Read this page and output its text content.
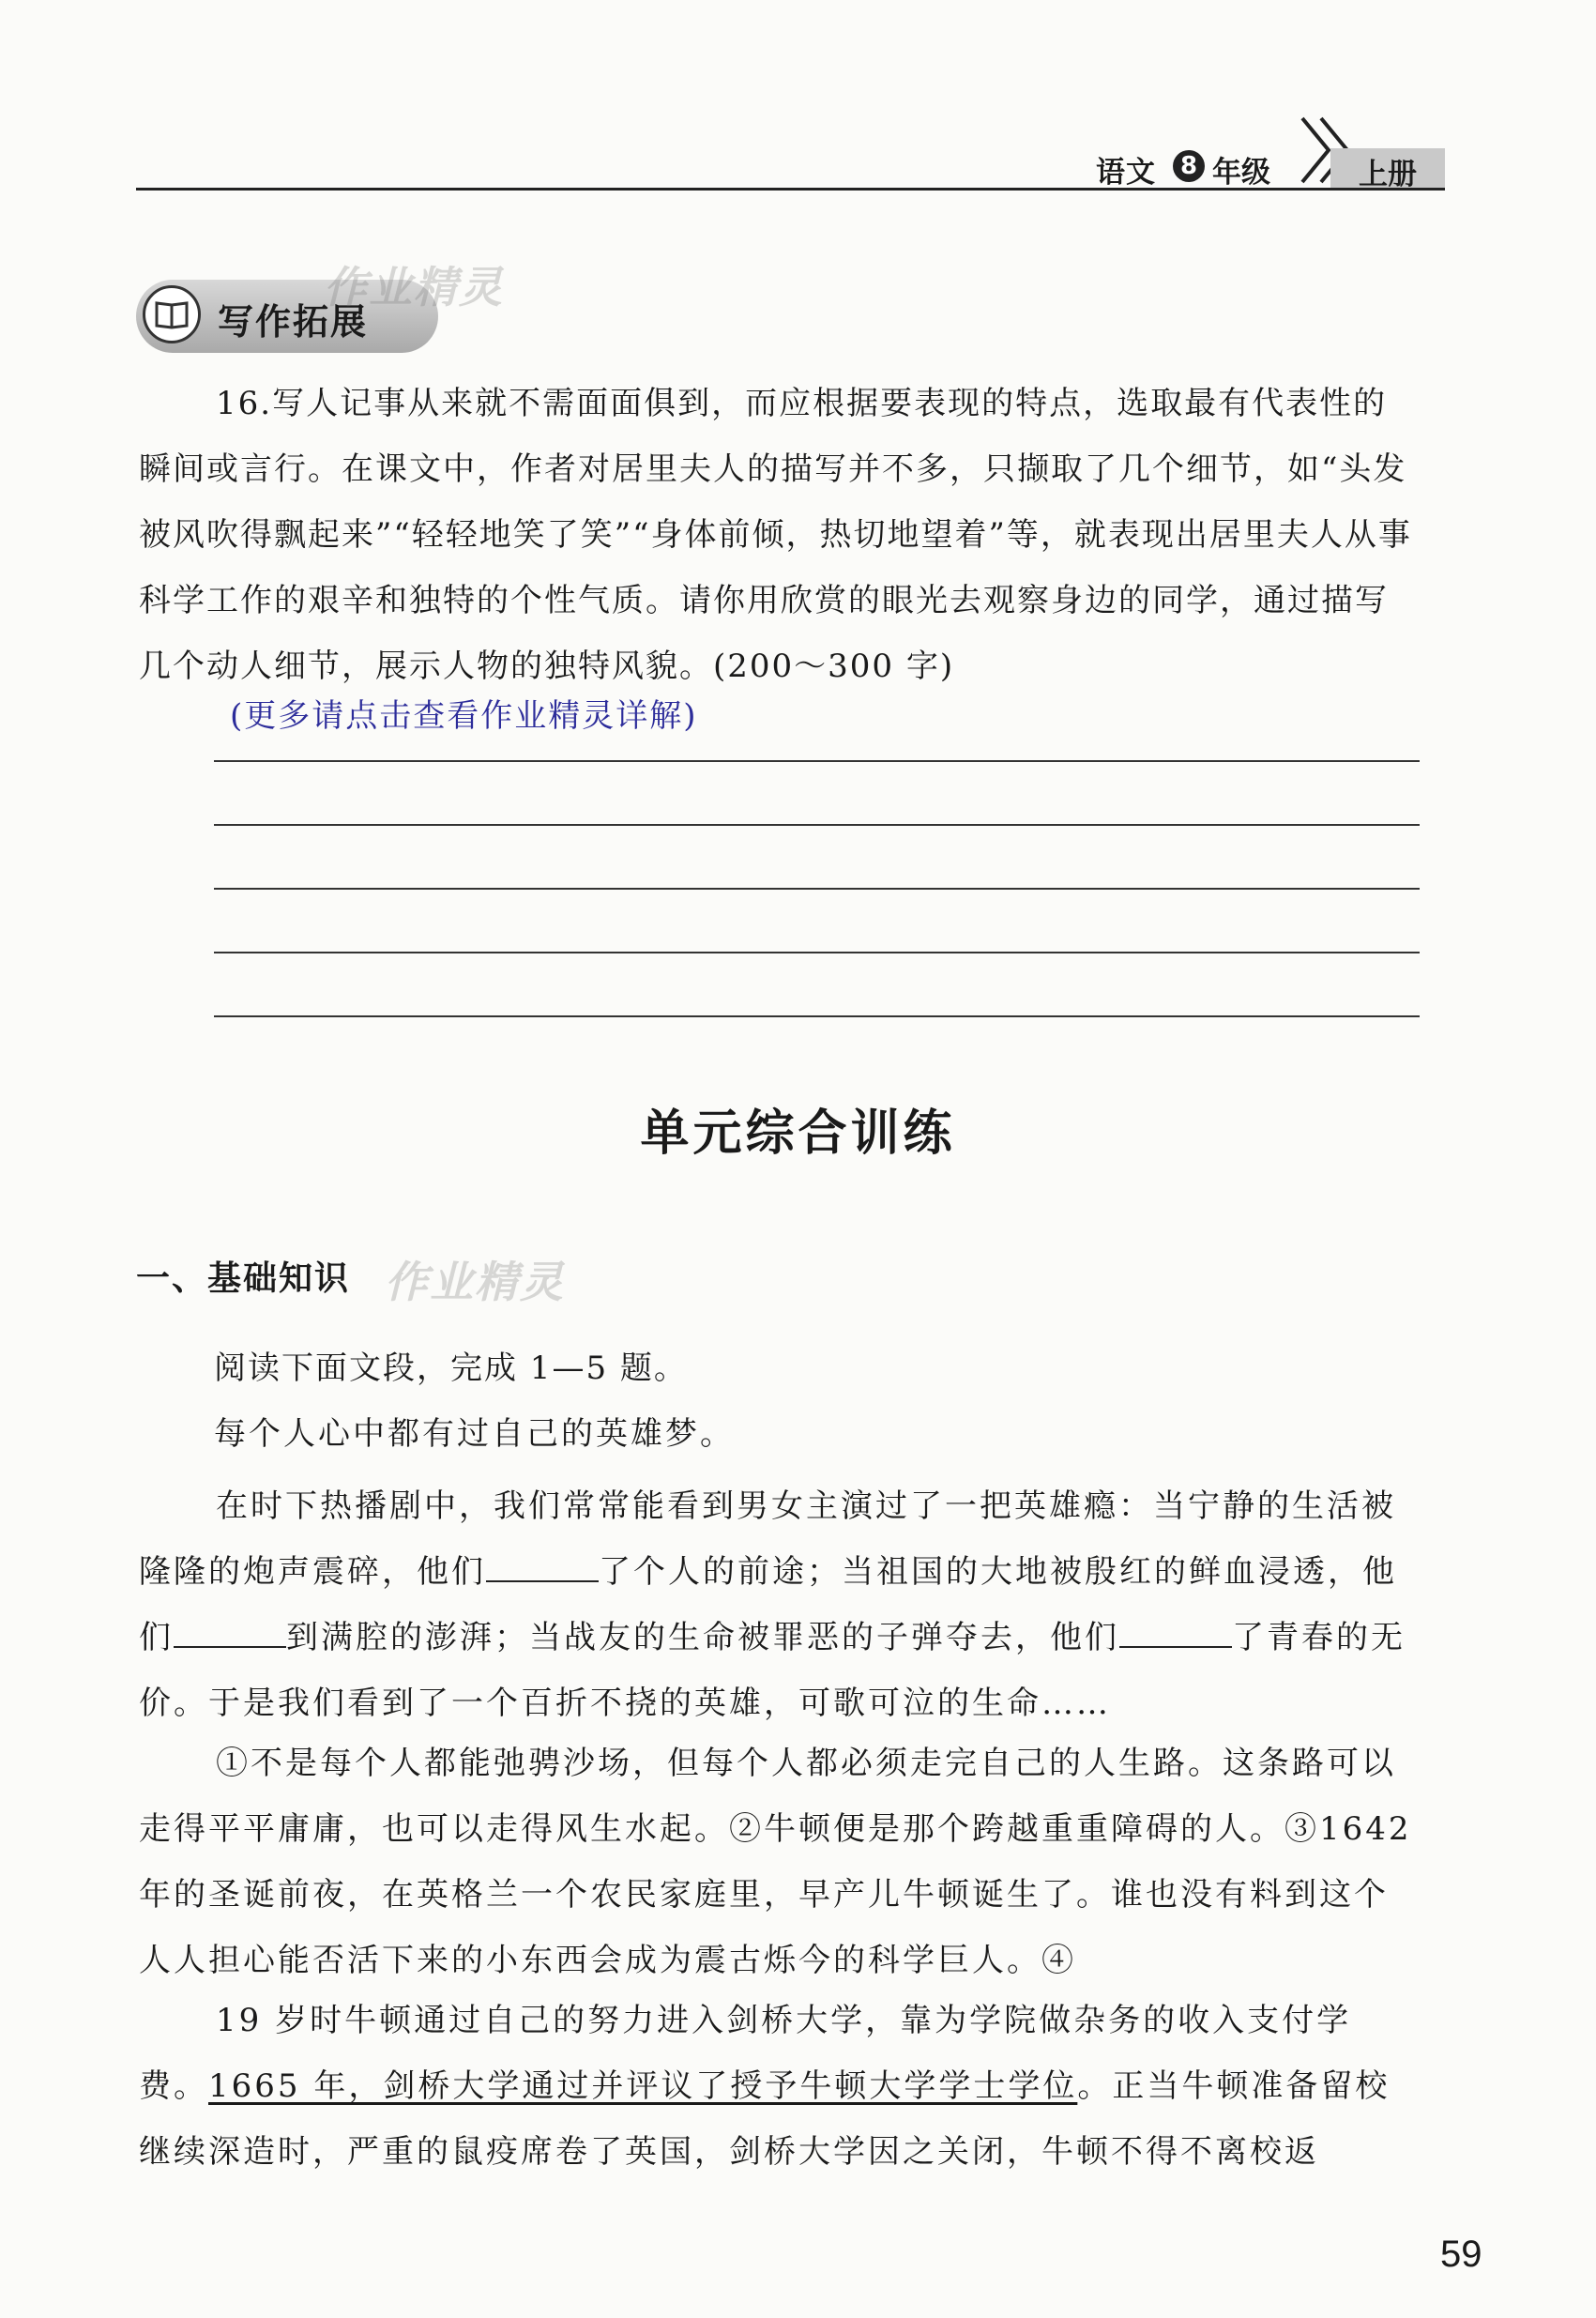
语文 8 年级	上册
写作拓展
作业精灵
16.写人记事从来就不需面面俱到，而应根据要表现的特点，选取最有代表性的瞬间或言行。在课文中，作者对居里夫人的描写并不多，只撷取了几个细节，如“头发被风吹得飘起来”“轻轻地笑了笑”“身体前倾，热切地望着”等，就表现出居里夫人从事科学工作的艰辛和独特的个性气质。请你用欣赏的眼光去观察身边的同学，通过描写几个动人细节，展示人物的独特风貌。(200～300 字)
(更多请点击查看作业精灵详解)
单元综合训练
一、基础知识 作业精灵
阅读下面文段，完成 1—5 题。
每个人心中都有过自己的英雄梦。
在时下热播剧中，我们常常能看到男女主演过了一把英雄瘾：当宁静的生活被隆隆的炮声震碎，他们	了个人的前途；当祖国的大地被殷红的鲜血浸透，他们	到满腔的澎湃；当战友的生命被罪恶的子弹夺去，他们	了青春的无价。于是我们看到了一个百折不挠的英雄，可歌可泣的生命……
①不是每个人都能弛骋沙场，但每个人都必须走完自己的人生路。这条路可以走得平平庸庸，也可以走得风生水起。②牛顿便是那个跨越重重障碍的人。③1642 年的圣诞前夜，在英格兰一个农民家庭里，早产儿牛顿诞生了。谁也没有料到这个人人担心能否活下来的小东西会成为震古烁今的科学巨人。④
19 岁时牛顿通过自己的努力进入剑桥大学，靠为学院做杂务的收入支付学费。1665 年，剑桥大学通过并评议了授予牛顿大学学士学位。正当牛顿准备留校继续深造时，严重的鼠疫席卷了英国，剑桥大学因之关闭，牛顿不得不离校返
59
